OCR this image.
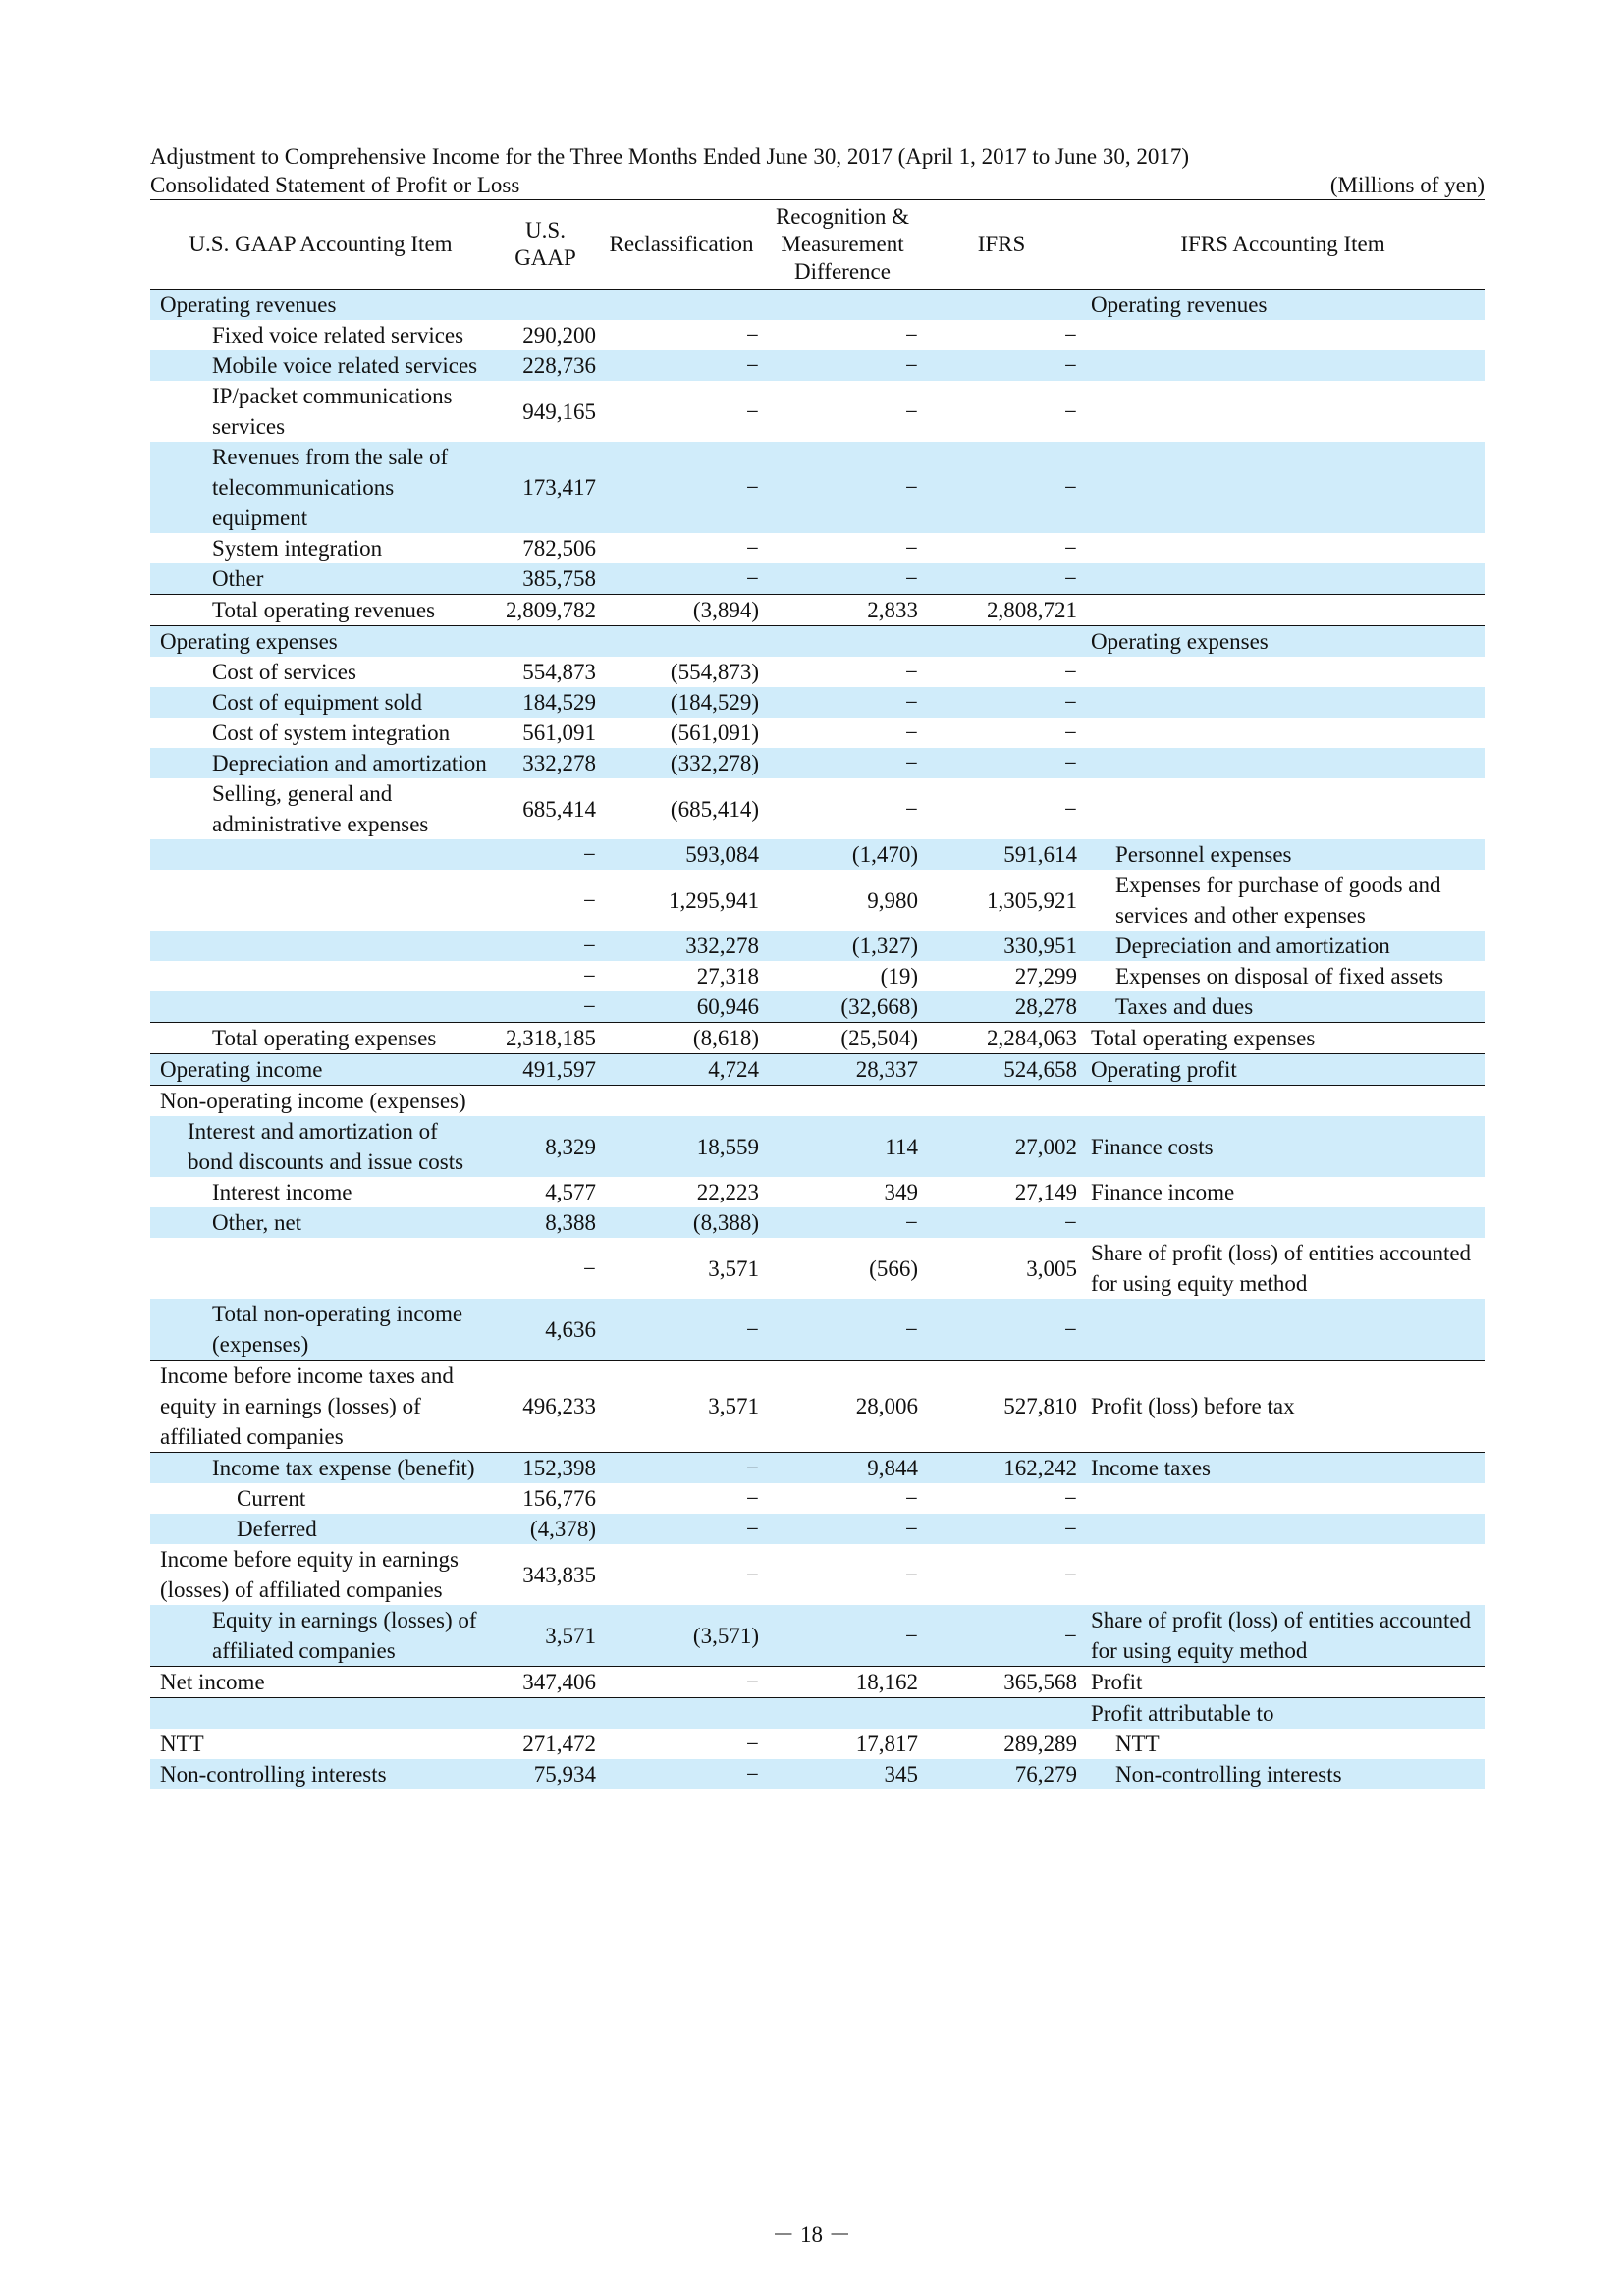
Adjustment to Comprehensive Income for the Three Months Ended June 30, 2017 (April 1, 2017 to June 30, 2017)
Consolidated Statement of Profit or Loss	(Millions of yen)
U.S. GAAP Accounting Item	U.S. GAAP	Reclassification	Recognition &
Measurement
Difference	IFRS	IFRS Accounting Item
Operating revenues					Operating revenues
Fixed voice related services	290,200	−	−	−	
Mobile voice related services	228,736	−	−	−	
IP/packet communications services	949,165	−	−	−	
Revenues from the sale of telecommunications equipment	173,417	−	−	−	
System integration	782,506	−	−	−	
Other	385,758	−	−	−	
Total operating revenues	2,809,782	(3,894)	2,833	2,808,721	
Operating expenses					Operating expenses
Cost of services	554,873	(554,873)	−	−	
Cost of equipment sold	184,529	(184,529)	−	−	
Cost of system integration	561,091	(561,091)	−	−	
Depreciation and amortization	332,278	(332,278)	−	−	
Selling, general and administrative expenses	685,414	(685,414)	−	−	
	−	593,084	(1,470)	591,614	Personnel expenses
	−	1,295,941	9,980	1,305,921	Expenses for purchase of goods and services and other expenses
	−	332,278	(1,327)	330,951	Depreciation and amortization
	−	27,318	(19)	27,299	Expenses on disposal of fixed assets
	−	60,946	(32,668)	28,278	Taxes and dues
Total operating expenses	2,318,185	(8,618)	(25,504)	2,284,063	Total operating expenses
Operating income	491,597	4,724	28,337	524,658	Operating profit
Non-operating income (expenses)					
Interest and amortization of bond discounts and issue costs	8,329	18,559	114	27,002	Finance costs
Interest income	4,577	22,223	349	27,149	Finance income
Other, net	8,388	(8,388)	−	−	
	−	3,571	(566)	3,005	Share of profit (loss) of entities accounted for using equity method
Total non-operating income (expenses)	4,636	−	−	−	
Income before income taxes and equity in earnings (losses) of affiliated companies	496,233	3,571	28,006	527,810	Profit (loss) before tax
Income tax expense (benefit)	152,398	−	9,844	162,242	Income taxes
Current	156,776	−	−	−	
Deferred	(4,378)	−	−	−	
Income before equity in earnings (losses) of affiliated companies	343,835	−	−	−	
Equity in earnings (losses) of affiliated companies	3,571	(3,571)	−	−	Share of profit (loss) of entities accounted for using equity method
Net income	347,406	−	18,162	365,568	Profit
					Profit attributable to
NTT	271,472	−	17,817	289,289	NTT
Non-controlling interests	75,934	−	345	76,279	Non-controlling interests
－ 18 －
